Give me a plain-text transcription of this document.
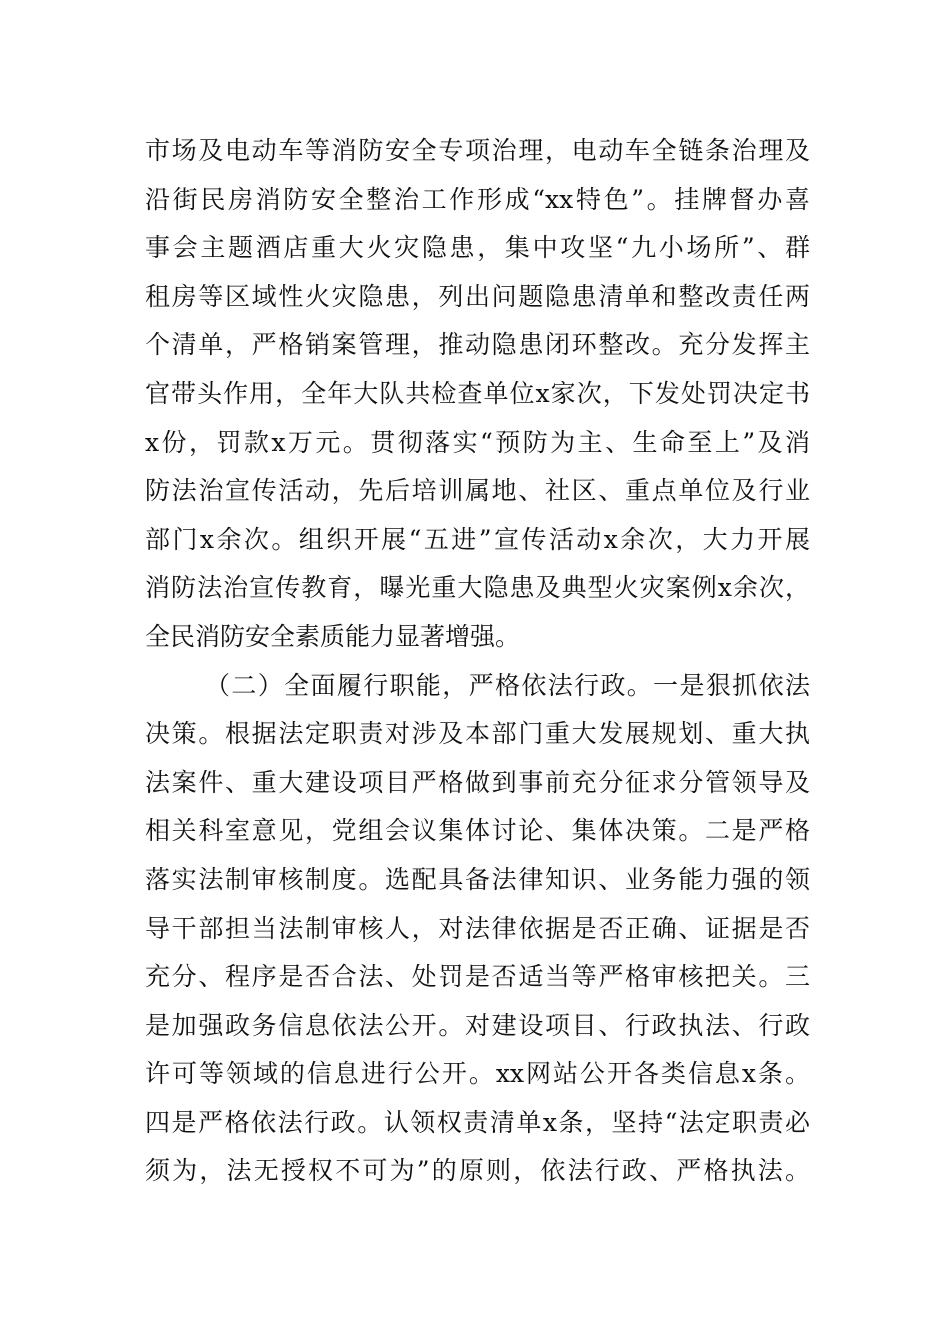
市场及电动车等消防安全专项治理，电动车全链条治理及
沿街民房消防安全整治工作形成“xx特色”。挂牌督办喜
事会主题酒店重大火灾隐患，集中攻坚“九小场所”、群
租房等区域性火灾隐患，列出问题隐患清单和整改责任两
个清单，严格销案管理，推动隐患闭环整改。充分发挥主
官带头作用，全年大队共检查单位x家次，下发处罚决定书
x份，罚款x万元。贯彻落实“预防为主、生命至上”及消
防法治宣传活动，先后培训属地、社区、重点单位及行业
部门x余次。组织开展“五进”宣传活动x余次，大力开展
消防法治宣传教育，曝光重大隐患及典型火灾案例x余次，
全民消防安全素质能力显著增强。
（二）全面履行职能，严格依法行政。一是狠抓依法
决策。根据法定职责对涉及本部门重大发展规划、重大执
法案件、重大建设项目严格做到事前充分征求分管领导及
相关科室意见，党组会议集体讨论、集体决策。二是严格
落实法制审核制度。选配具备法律知识、业务能力强的领
导干部担当法制审核人，对法律依据是否正确、证据是否
充分、程序是否合法、处罚是否适当等严格审核把关。三
是加强政务信息依法公开。对建设项目、行政执法、行政
许可等领域的信息进行公开。xx网站公开各类信息x条。
四是严格依法行政。认领权责清单x条，坚持“法定职责必
须为，法无授权不可为”的原则，依法行政、严格执法。
